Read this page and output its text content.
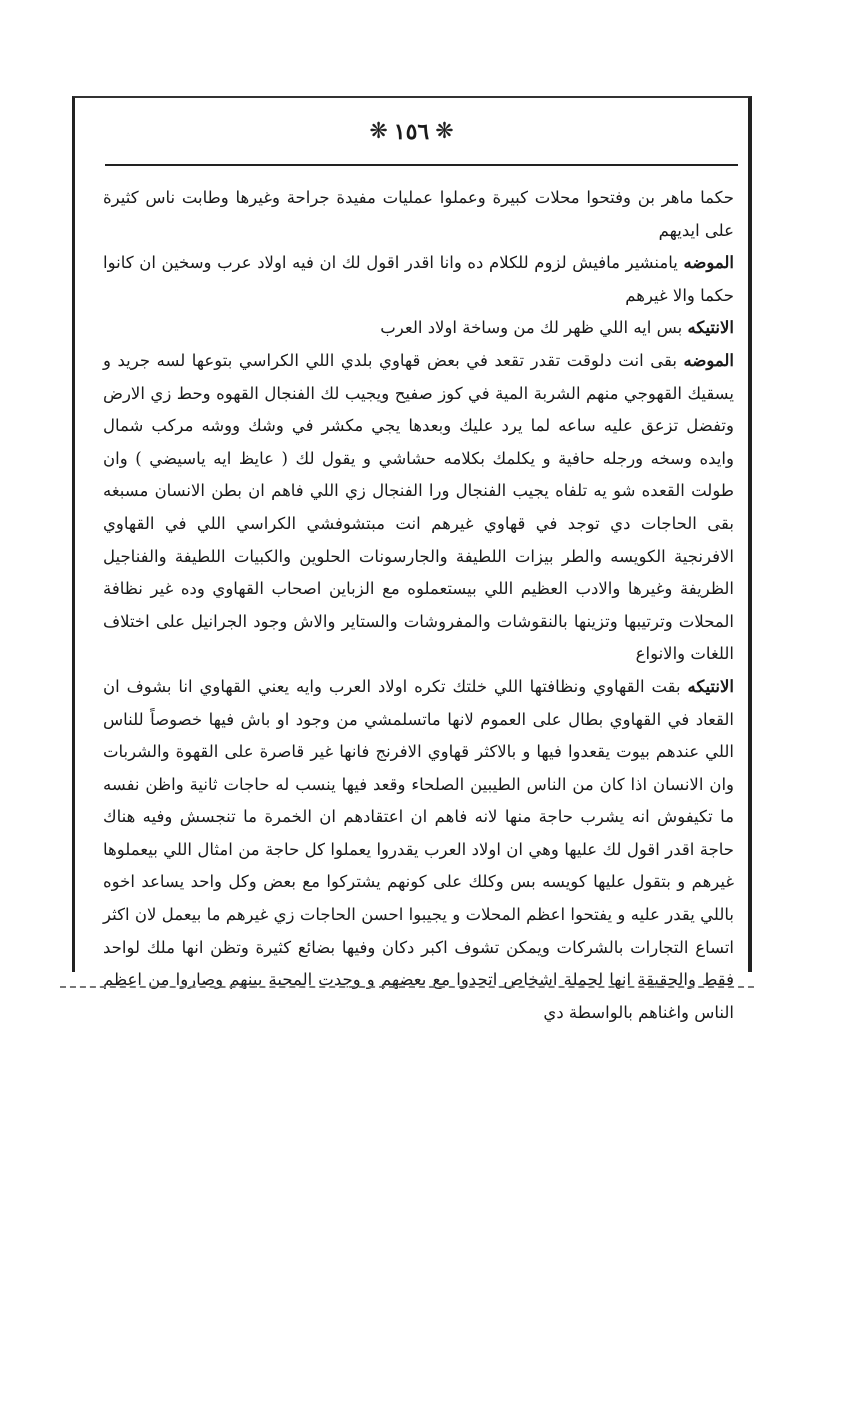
❋
١٥٦
❋

حكما ماهر بن وفتحوا محلات كبيرة وعملوا عمليات مفيدة جراحة وغيرها وطابت ناس كثيرة على ايديهم

الموضه يامنشير مافيش لزوم للكلام ده وانا اقدر اقول لك ان فيه اولاد عرب وسخين ان كانوا حكما والا غيرهم

الانتيكه بس ايه اللي ظهر لك من وساخة اولاد العرب

الموضه بقى انت دلوقت تقدر تقعد في بعض قهاوي بلدي اللي الكراسي بتوعها لسه جريد و يسقيك القهوجي منهم الشربة المية في كوز صفيح ويجيب لك الفنجال القهوه وحط زي الارض وتفضل تزعق عليه ساعه لما يرد عليك وبعدها يجي مكشر في وشك ووشه مركب شمال وايده وسخه ورجله حافية و يكلمك بكلامه حشاشي و يقول لك ( عايظ ايه ياسيضي ) وان طولت القعده شو يه تلفاه يجيب الفنجال ورا الفنجال زي اللي فاهم ان بطن الانسان مسبغه بقى الحاجات دي توجد في قهاوي غيرهم انت مبتشوفشي الكراسي اللي في القهاوي الافرنجية الكويسه والطر بيزات اللطيفة والجارسونات الحلوين والكبيات اللطيفة والفناجيل الظريفة وغيرها والادب العظيم اللي بيستعملوه مع الزباين اصحاب القهاوي وده غير نظافة المحلات وترتيبها وتزينها بالنقوشات والمفروشات والستاير والاش وجود الجرانيل على اختلاف اللغات والانواع

الانتيكه بقت القهاوي ونظافتها اللي خلتك تكره اولاد العرب وايه يعني القهاوي انا بشوف ان القعاد في القهاوي بطال على العموم لانها ماتسلمشي من وجود او باش فيها خصوصاً للناس اللي عندهم بيوت يقعدوا فيها و بالاكثر قهاوي الافرنج فانها غير قاصرة على القهوة والشربات وان الانسان اذا كان من الناس الطيبين الصلحاء وقعد فيها ينسب له حاجات ثانية واظن نفسه ما تكيفوش انه يشرب حاجة منها لانه فاهم ان اعتقادهم ان الخمرة ما تنجسش وفيه هناك حاجة اقدر اقول لك عليها وهي ان اولاد العرب يقدروا يعملوا كل حاجة من امثال اللي بيعملوها غيرهم و بتقول عليها كويسه بس وكلك على كونهم يشتركوا مع بعض وكل واحد يساعد اخوه باللي يقدر عليه و يفتحوا اعظم المحلات و يجيبوا احسن الحاجات زي غيرهم ما بيعمل لان اكثر اتساع التجارات بالشركات ويمكن تشوف اكبر دكان وفيها بضائع كثيرة وتظن انها ملك لواحد فقط والحقيقة انها لجملة اشخاص اتحدوا مع بعضهم و وجدت المحبة بينهم وصاروا من اعظم الناس واغناهم بالواسطة دي
